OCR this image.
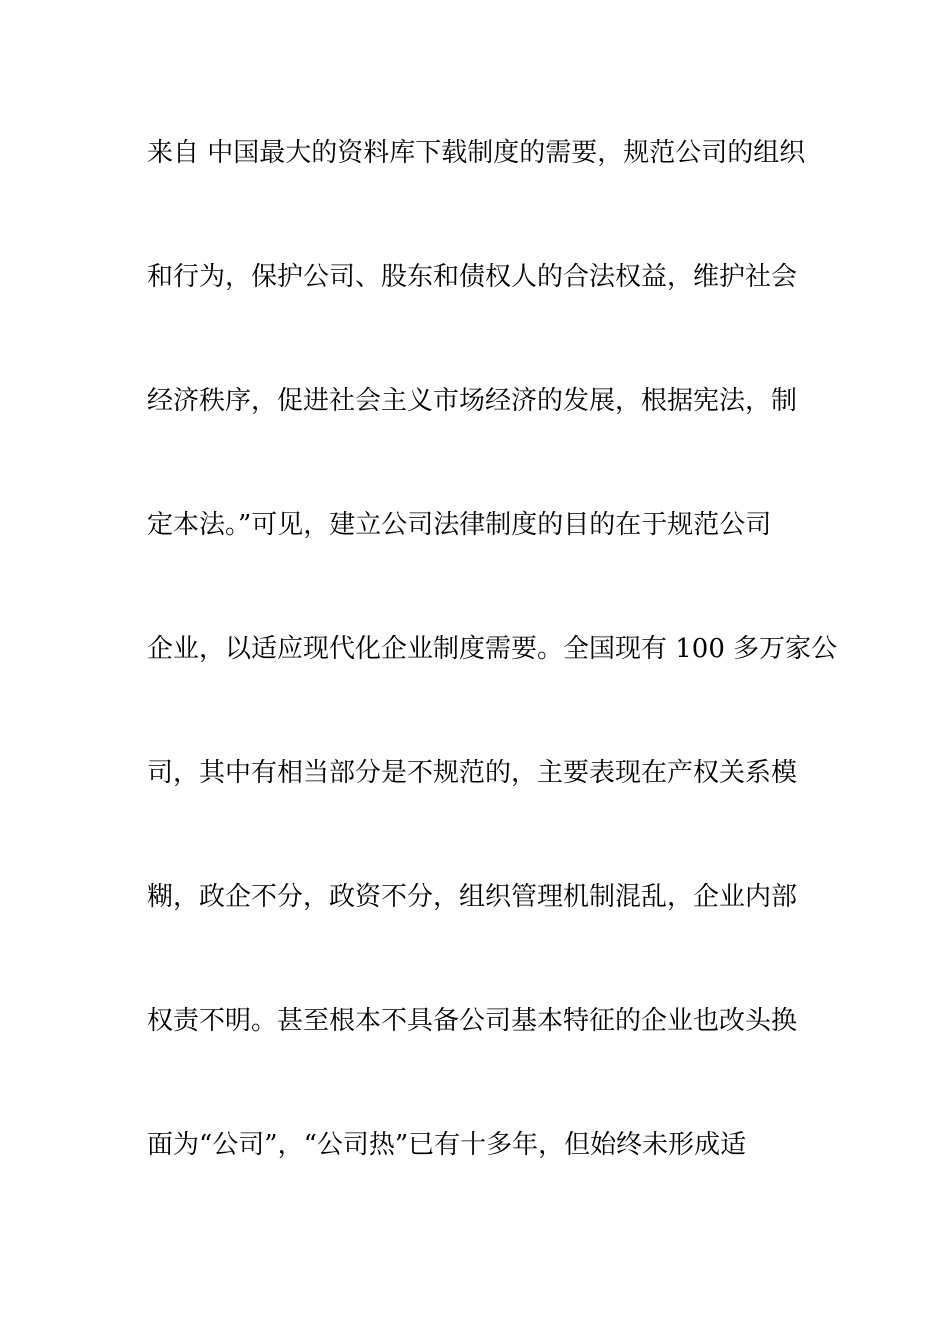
来自 中国最大的资料库下载制度的需要，规范公司的组织
和行为，保护公司、股东和债权人的合法权益，维护社会
经济秩序，促进社会主义市场经济的发展，根据宪法，制
定本法。”可见，建立公司法律制度的目的在于规范公司
企业，以适应现代化企业制度需要。全国现有 100 多万家公
司，其中有相当部分是不规范的，主要表现在产权关系模
糊，政企不分，政资不分，组织管理机制混乱，企业内部
权责不明。甚至根本不具备公司基本特征的企业也改头换
面为“公司”，“公司热”已有十多年，但始终未形成适
